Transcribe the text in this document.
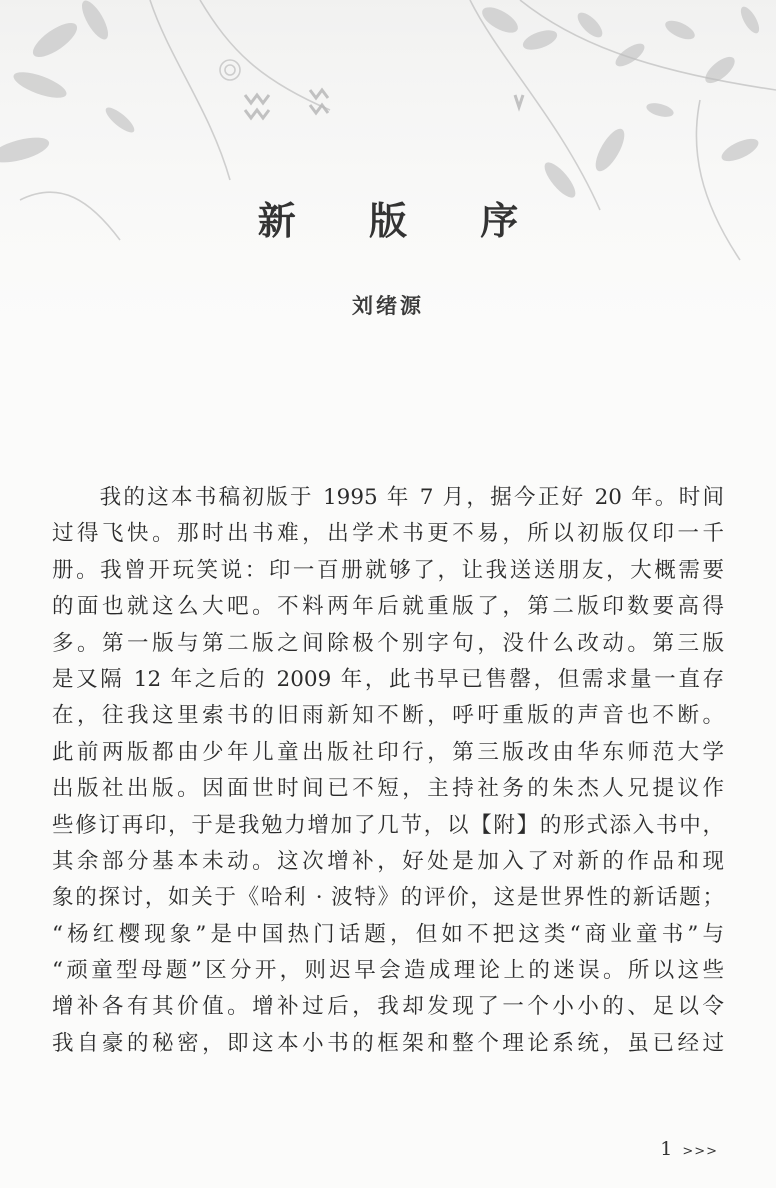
新 版 序
刘绪源
　　我的这本书稿初版于 1995 年 7 月，据今正好 20 年。时间
过得飞快。那时出书难，出学术书更不易，所以初版仅印一千
册。我曾开玩笑说：印一百册就够了，让我送送朋友，大概需要
的面也就这么大吧。不料两年后就重版了，第二版印数要高得
多。第一版与第二版之间除极个别字句，没什么改动。第三版
是又隔 12 年之后的 2009 年，此书早已售罄，但需求量一直存
在，往我这里索书的旧雨新知不断，呼吁重版的声音也不断。
此前两版都由少年儿童出版社印行，第三版改由华东师范大学
出版社出版。因面世时间已不短，主持社务的朱杰人兄提议作
些修订再印，于是我勉力增加了几节，以【附】的形式添入书中，
其余部分基本未动。这次增补，好处是加入了对新的作品和现
象的探讨，如关于《哈利 · 波特》的评价，这是世界性的新话题；
“杨红樱现象”是中国热门话题，但如不把这类“商业童书”与
“顽童型母题”区分开，则迟早会造成理论上的迷误。所以这些
增补各有其价值。增补过后，我却发现了一个小小的、足以令
我自豪的秘密，即这本小书的框架和整个理论系统，虽已经过
1 >>>
